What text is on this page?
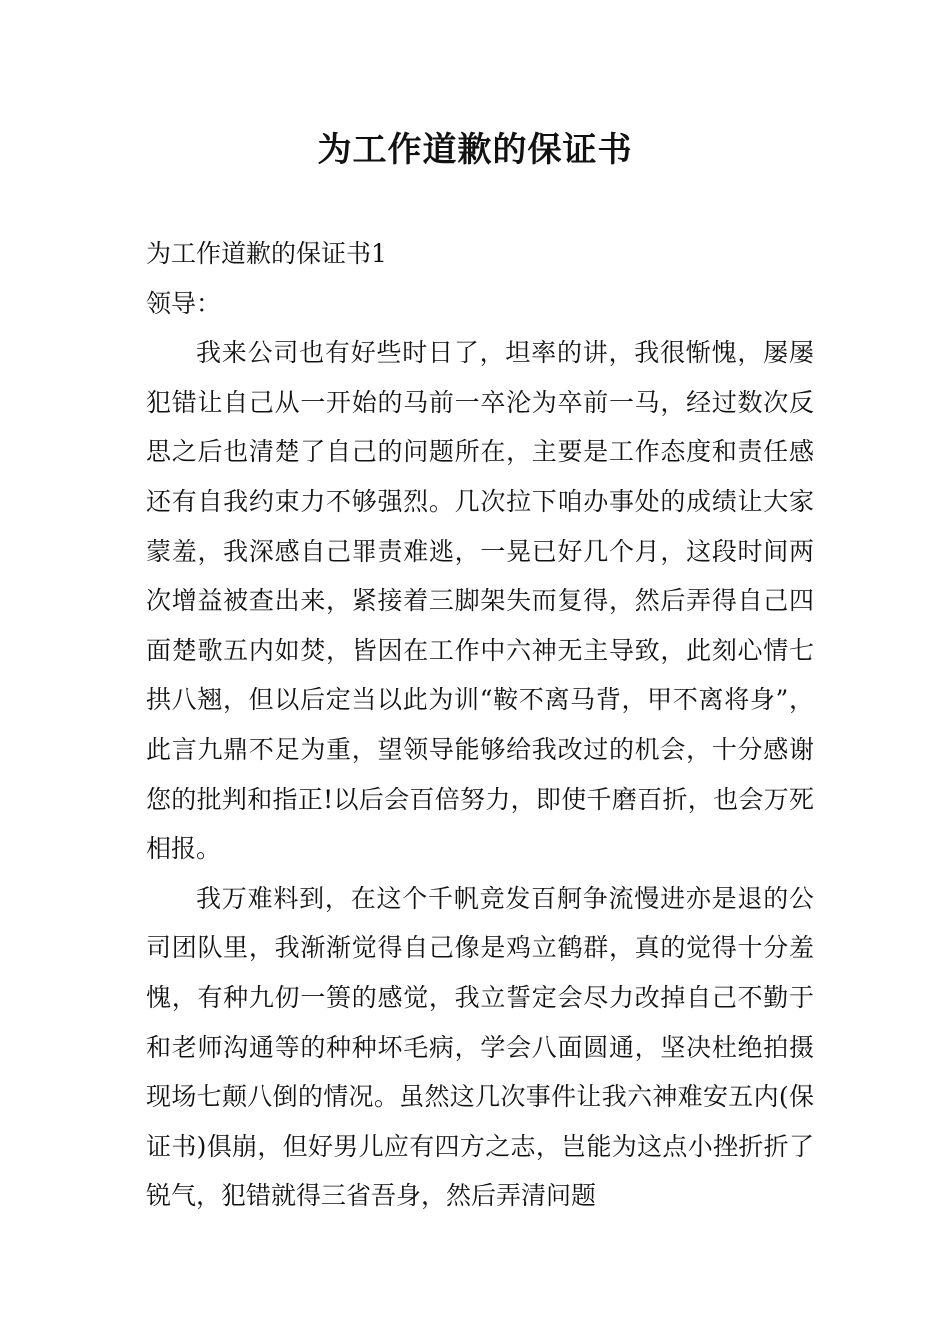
为工作道歉的保证书

为工作道歉的保证书1

领导：

我来公司也有好些时日了，坦率的讲，我很惭愧，屡屡犯错让自己从一开始的马前一卒沦为卒前一马，经过数次反思之后也清楚了自己的问题所在，主要是工作态度和责任感还有自我约束力不够强烈。几次拉下咱办事处的成绩让大家蒙羞，我深感自己罪责难逃，一晃已好几个月，这段时间两次增益被查出来，紧接着三脚架失而复得，然后弄得自己四面楚歌五内如焚，皆因在工作中六神无主导致，此刻心情七拱八翘，但以后定当以此为训“鞍不离马背，甲不离将身”，此言九鼎不足为重，望领导能够给我改过的机会，十分感谢您的批判和指正!以后会百倍努力，即使千磨百折，也会万死相报。

我万难料到，在这个千帆竞发百舸争流慢进亦是退的公司团队里，我渐渐觉得自己像是鸡立鹤群，真的觉得十分羞愧，有种九仞一篑的感觉，我立誓定会尽力改掉自己不勤于和老师沟通等的种种坏毛病，学会八面圆通，坚决杜绝拍摄现场七颠八倒的情况。虽然这几次事件让我六神难安五内(保证书)俱崩，但好男儿应有四方之志，岂能为这点小挫折折了锐气，犯错就得三省吾身，然后弄清问题
